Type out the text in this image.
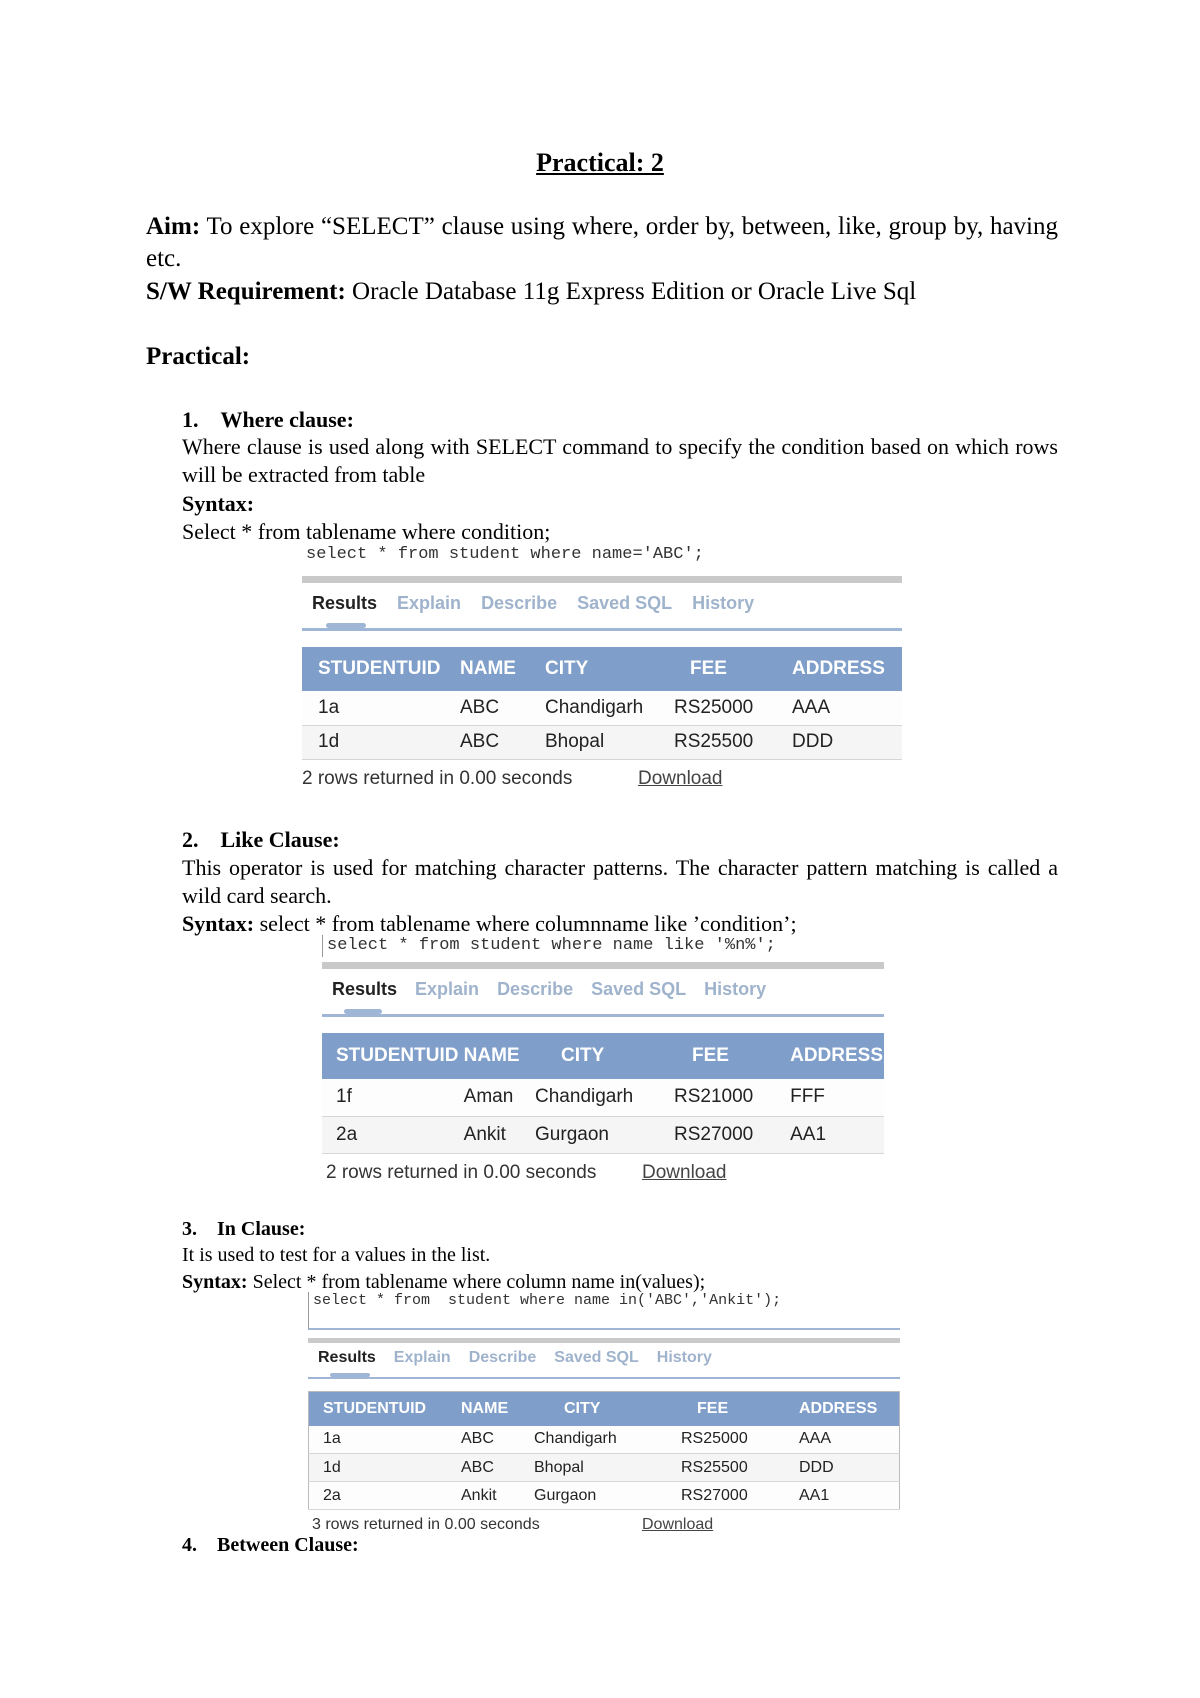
Practical: 2
Aim: To explore “SELECT” clause using where, order by, between, like, group by, having etc.
S/W Requirement: Oracle Database 11g Express Edition or Oracle Live Sql
Practical:
1. Where clause:
Where clause is used along with SELECT command to specify the condition based on which rows will be extracted from table
Syntax:
Select * from tablename where condition;
select * from student where name='ABC';
Results Explain Describe Saved SQL History
STUDENTUID	NAME	CITY	FEE	ADDRESS
1a	ABC	Chandigarh	RS25000	AAA
1d	ABC	Bhopal	RS25500	DDD
2 rows returned in 0.00 seconds	Download
2. Like Clause:
This operator is used for matching character patterns. The character pattern matching is called a wild card search.
Syntax: select * from tablename where columnname like ’condition’;
select * from student where name like '%n%';
Results Explain Describe Saved SQL History
STUDENTUID	NAME	CITY	FEE	ADDRESS
1f	Aman	Chandigarh	RS21000	FFF
2a	Ankit	Gurgaon	RS27000	AA1
2 rows returned in 0.00 seconds	Download
3. In Clause:
It is used to test for a values in the list.
Syntax: Select * from tablename where column name in(values);
select * from  student where name in('ABC','Ankit');
Results Explain Describe Saved SQL History
STUDENTUID	NAME	CITY	FEE	ADDRESS
1a	ABC	Chandigarh	RS25000	AAA
1d	ABC	Bhopal	RS25500	DDD
2a	Ankit	Gurgaon	RS27000	AA1
3 rows returned in 0.00 seconds	Download
4. Between Clause:
